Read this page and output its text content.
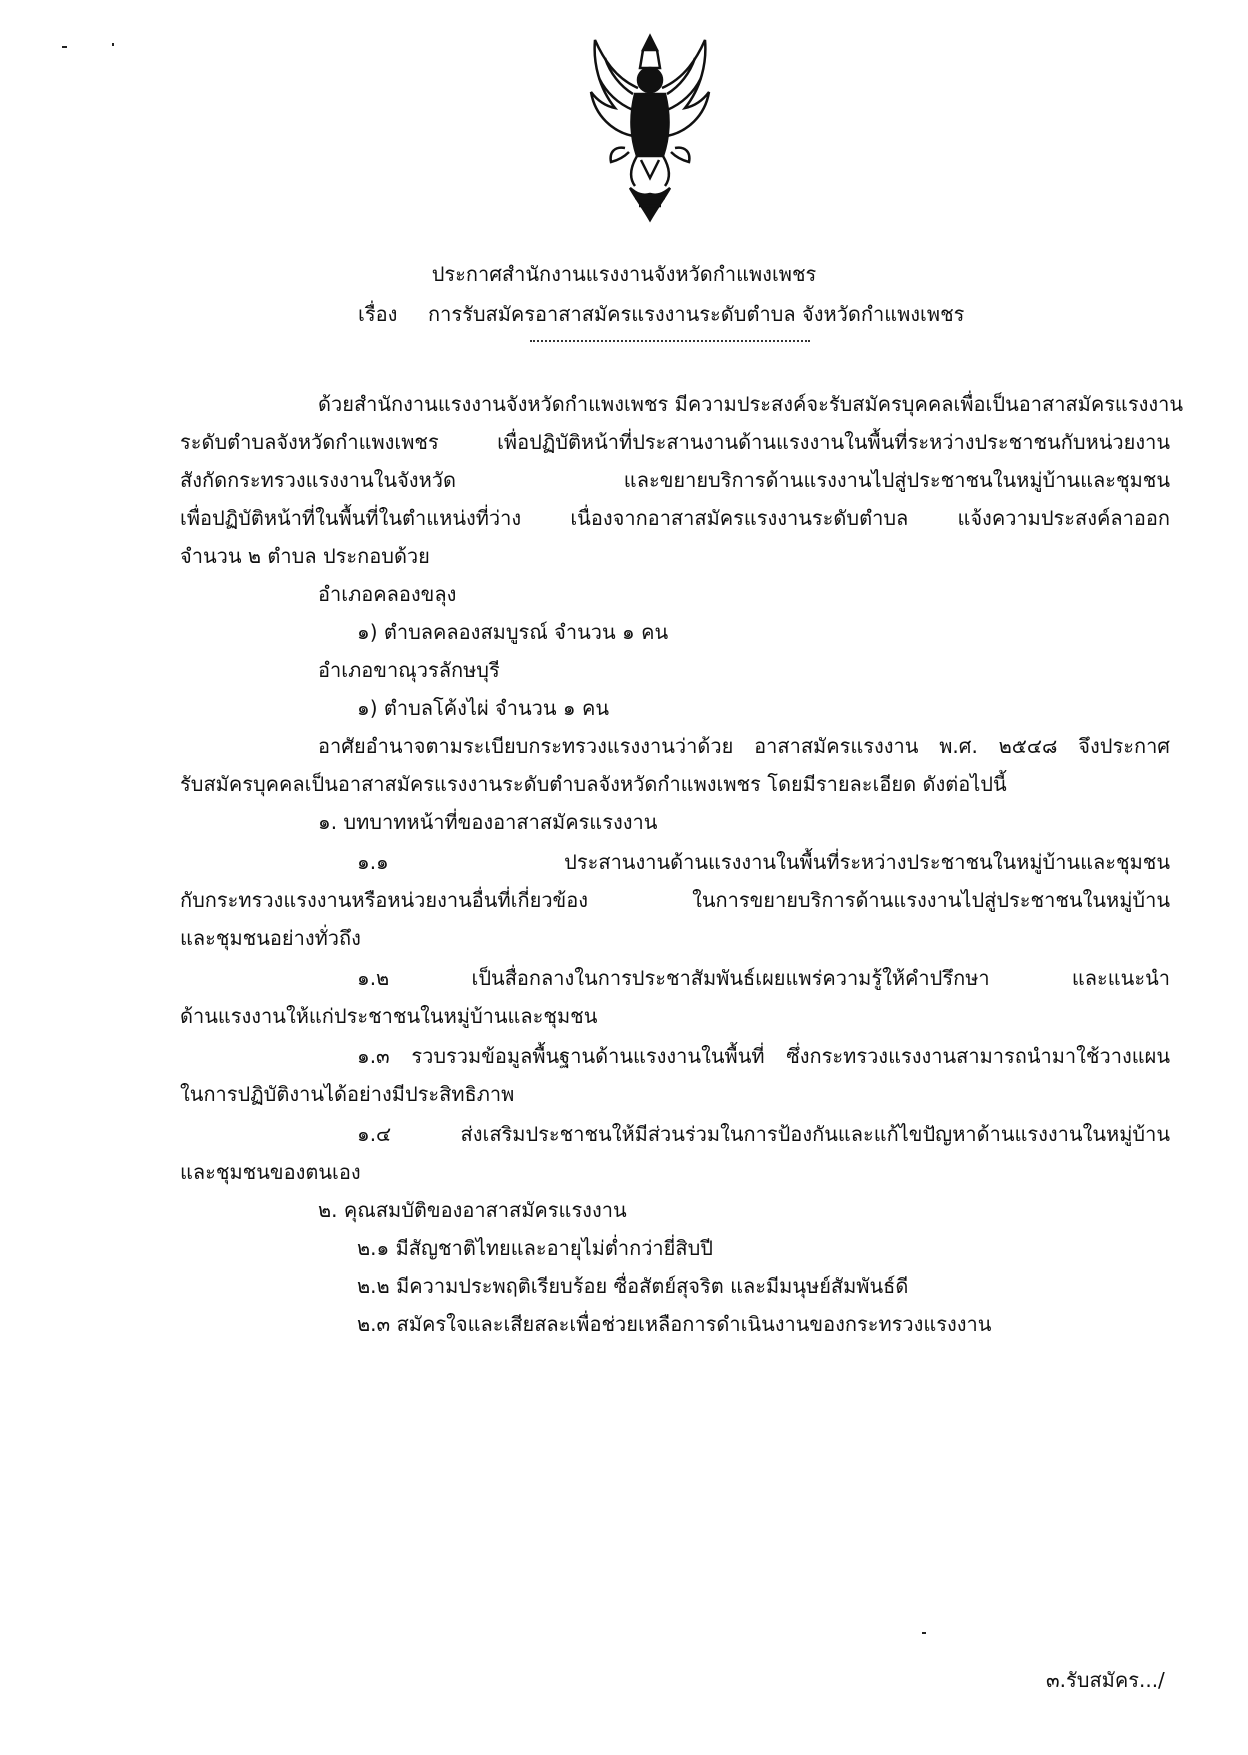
ประกาศสำนักงานแรงงานจังหวัดกำแพงเพชร
เรื่อง การรับสมัครอาสาสมัครแรงงานระดับตำบล จังหวัดกำแพงเพชร
ด้วยสำนักงานแรงงานจังหวัดกำแพงเพชร มีความประสงค์จะรับสมัครบุคคลเพื่อเป็นอาสาสมัครแรงงาน
ระดับตำบลจังหวัดกำแพงเพชร เพื่อปฏิบัติหน้าที่ประสานงานด้านแรงงานในพื้นที่ระหว่างประชาชนกับหน่วยงาน
สังกัดกระทรวงแรงงานในจังหวัด และขยายบริการด้านแรงงานไปสู่ประชาชนในหมู่บ้านและชุมชน
เพื่อปฏิบัติหน้าที่ในพื้นที่ในตำแหน่งที่ว่าง เนื่องจากอาสาสมัครแรงงานระดับตำบล แจ้งความประสงค์ลาออก
จำนวน ๒ ตำบล ประกอบด้วย
อำเภอคลองขลุง
๑) ตำบลคลองสมบูรณ์ จำนวน ๑ คน
อำเภอขาณุวรลักษบุรี
๑) ตำบลโค้งไผ่ จำนวน ๑ คน
อาศัยอำนาจตามระเบียบกระทรวงแรงงานว่าด้วย อาสาสมัครแรงงาน พ.ศ. ๒๕๔๘ จึงประกาศ
รับสมัครบุคคลเป็นอาสาสมัครแรงงานระดับตำบลจังหวัดกำแพงเพชร โดยมีรายละเอียด ดังต่อไปนี้
๑. บทบาทหน้าที่ของอาสาสมัครแรงงาน
๑.๑ ประสานงานด้านแรงงานในพื้นที่ระหว่างประชาชนในหมู่บ้านและชุมชน
กับกระทรวงแรงงานหรือหน่วยงานอื่นที่เกี่ยวข้อง ในการขยายบริการด้านแรงงานไปสู่ประชาชนในหมู่บ้าน
และชุมชนอย่างทั่วถึง
๑.๒ เป็นสื่อกลางในการประชาสัมพันธ์เผยแพร่ความรู้ให้คำปรึกษา และแนะนำ
ด้านแรงงานให้แก่ประชาชนในหมู่บ้านและชุมชน
๑.๓ รวบรวมข้อมูลพื้นฐานด้านแรงงานในพื้นที่ ซึ่งกระทรวงแรงงานสามารถนำมาใช้วางแผน
ในการปฏิบัติงานได้อย่างมีประสิทธิภาพ
๑.๔ ส่งเสริมประชาชนให้มีส่วนร่วมในการป้องกันและแก้ไขปัญหาด้านแรงงานในหมู่บ้าน
และชุมชนของตนเอง
๒. คุณสมบัติของอาสาสมัครแรงงาน
๒.๑ มีสัญชาติไทยและอายุไม่ต่ำกว่ายี่สิบปี
๒.๒ มีความประพฤติเรียบร้อย ซื่อสัตย์สุจริต และมีมนุษย์สัมพันธ์ดี
๒.๓ สมัครใจและเสียสละเพื่อช่วยเหลือการดำเนินงานของกระทรวงแรงงาน
๓.รับสมัคร.../
